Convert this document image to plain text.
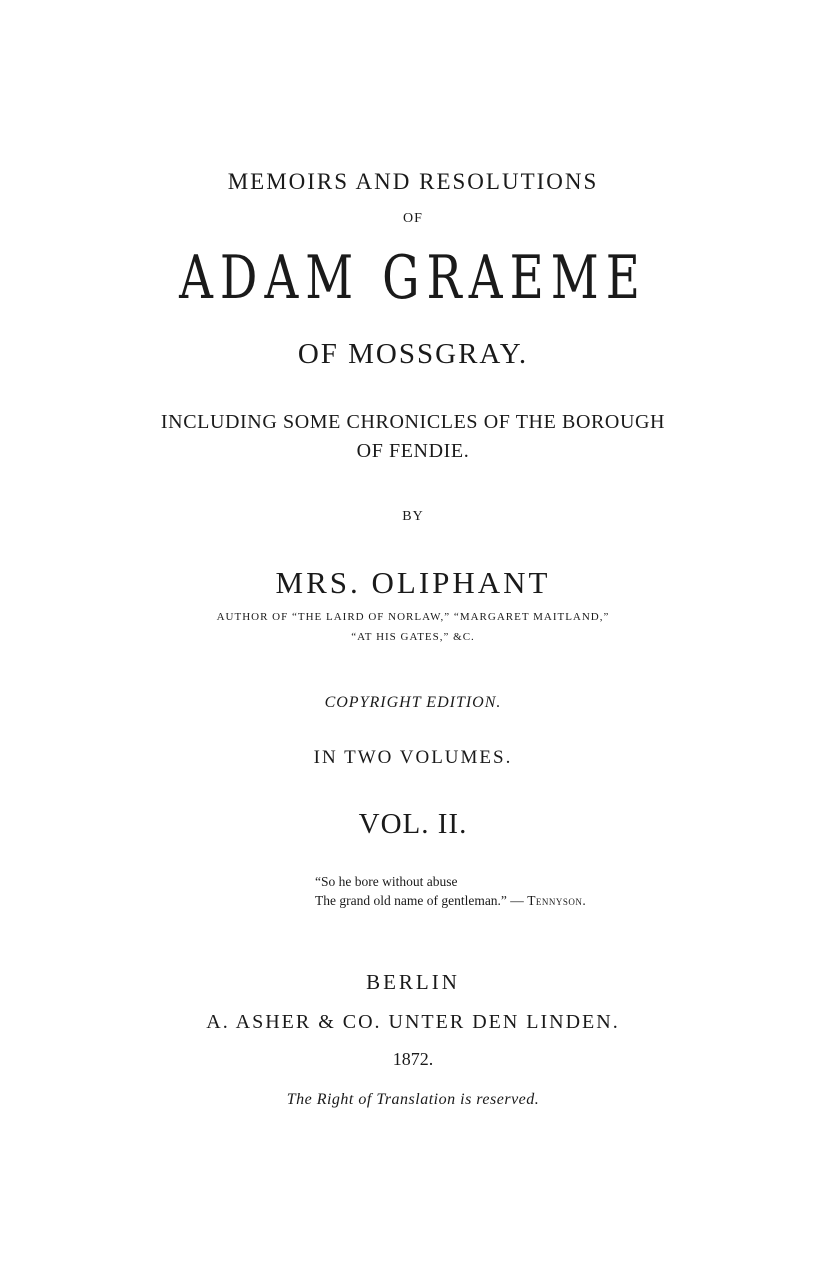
MEMOIRS AND RESOLUTIONS
OF
ADAM GRAEME
OF MOSSGRAY.
INCLUDING SOME CHRONICLES OF THE BOROUGH
OF FENDIE.
BY
MRS. OLIPHANT
AUTHOR OF “THE LAIRD OF NORLAW,” “MARGARET MAITLAND,”
“AT HIS GATES,” &C.
COPYRIGHT EDITION.
IN TWO VOLUMES.
VOL. II.
“So he bore without abuse
The grand old name of gentleman.” — Tennyson.
BERLIN
A. ASHER & CO. UNTER DEN LINDEN.
1872.
The Right of Translation is reserved.
